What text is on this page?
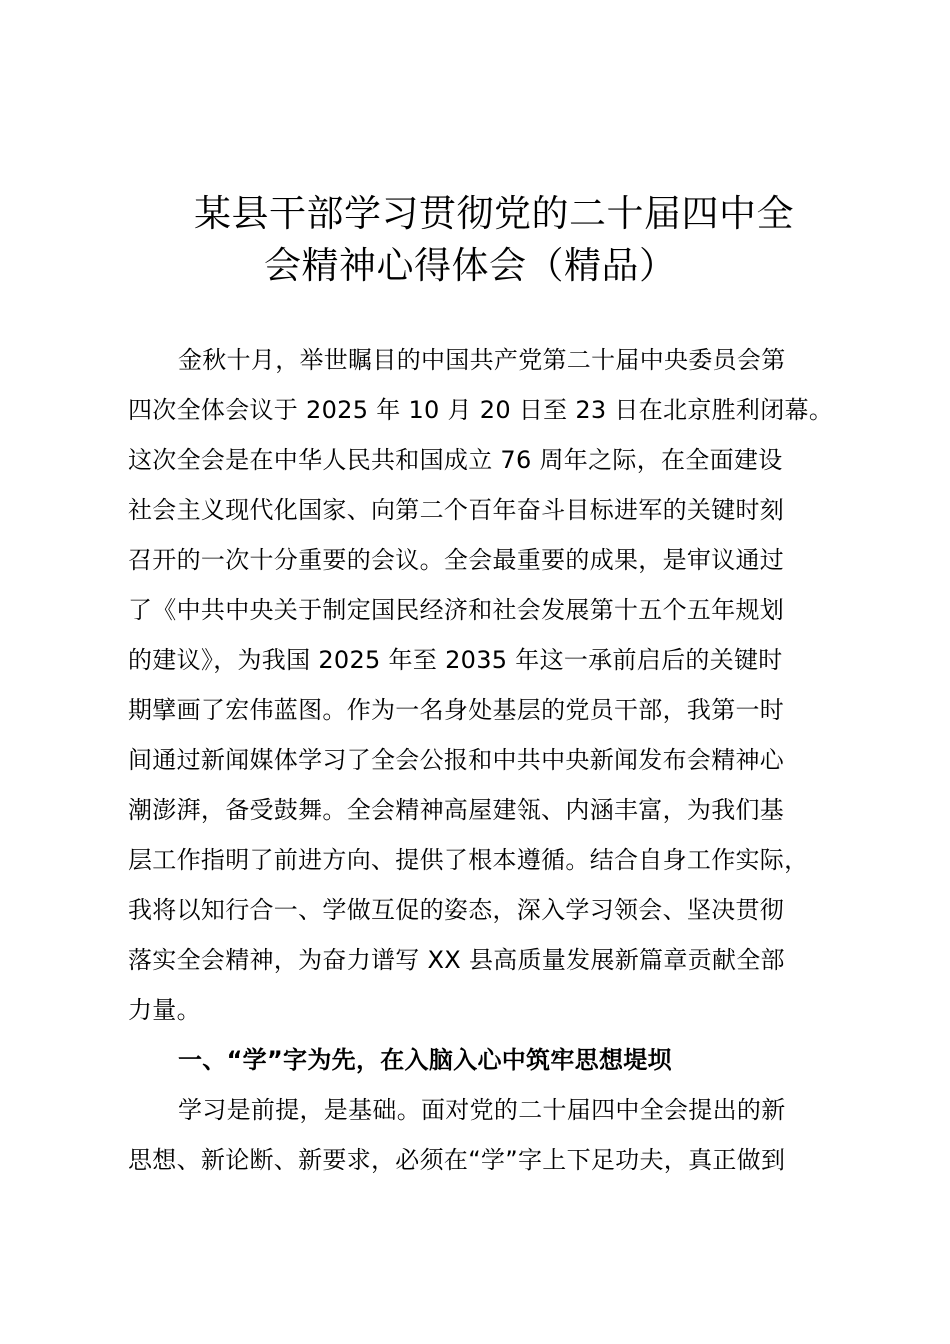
某县干部学习贯彻党的二十届四中全
会精神心得体会（精品）
金秋十月，举世瞩目的中国共产党第二十届中央委员会第
四次全体会议于 2025 年 10 月 20 日至 23 日在北京胜利闭幕。
这次全会是在中华人民共和国成立 76 周年之际，在全面建设
社会主义现代化国家、向第二个百年奋斗目标进军的关键时刻
召开的一次十分重要的会议。全会最重要的成果，是审议通过
了《中共中央关于制定国民经济和社会发展第十五个五年规划
的建议》，为我国 2025 年至 2035 年这一承前启后的关键时
期擘画了宏伟蓝图。作为一名身处基层的党员干部，我第一时
间通过新闻媒体学习了全会公报和中共中央新闻发布会精神心
潮澎湃，备受鼓舞。全会精神高屋建瓴、内涵丰富，为我们基
层工作指明了前进方向、提供了根本遵循。结合自身工作实际，
我将以知行合一、学做互促的姿态，深入学习领会、坚决贯彻
落实全会精神，为奋力谱写 XX 县高质量发展新篇章贡献全部
力量。
一、“学”字为先，在入脑入心中筑牢思想堤坝
学习是前提，是基础。面对党的二十届四中全会提出的新
思想、新论断、新要求，必须在“学”字上下足功夫，真正做到
